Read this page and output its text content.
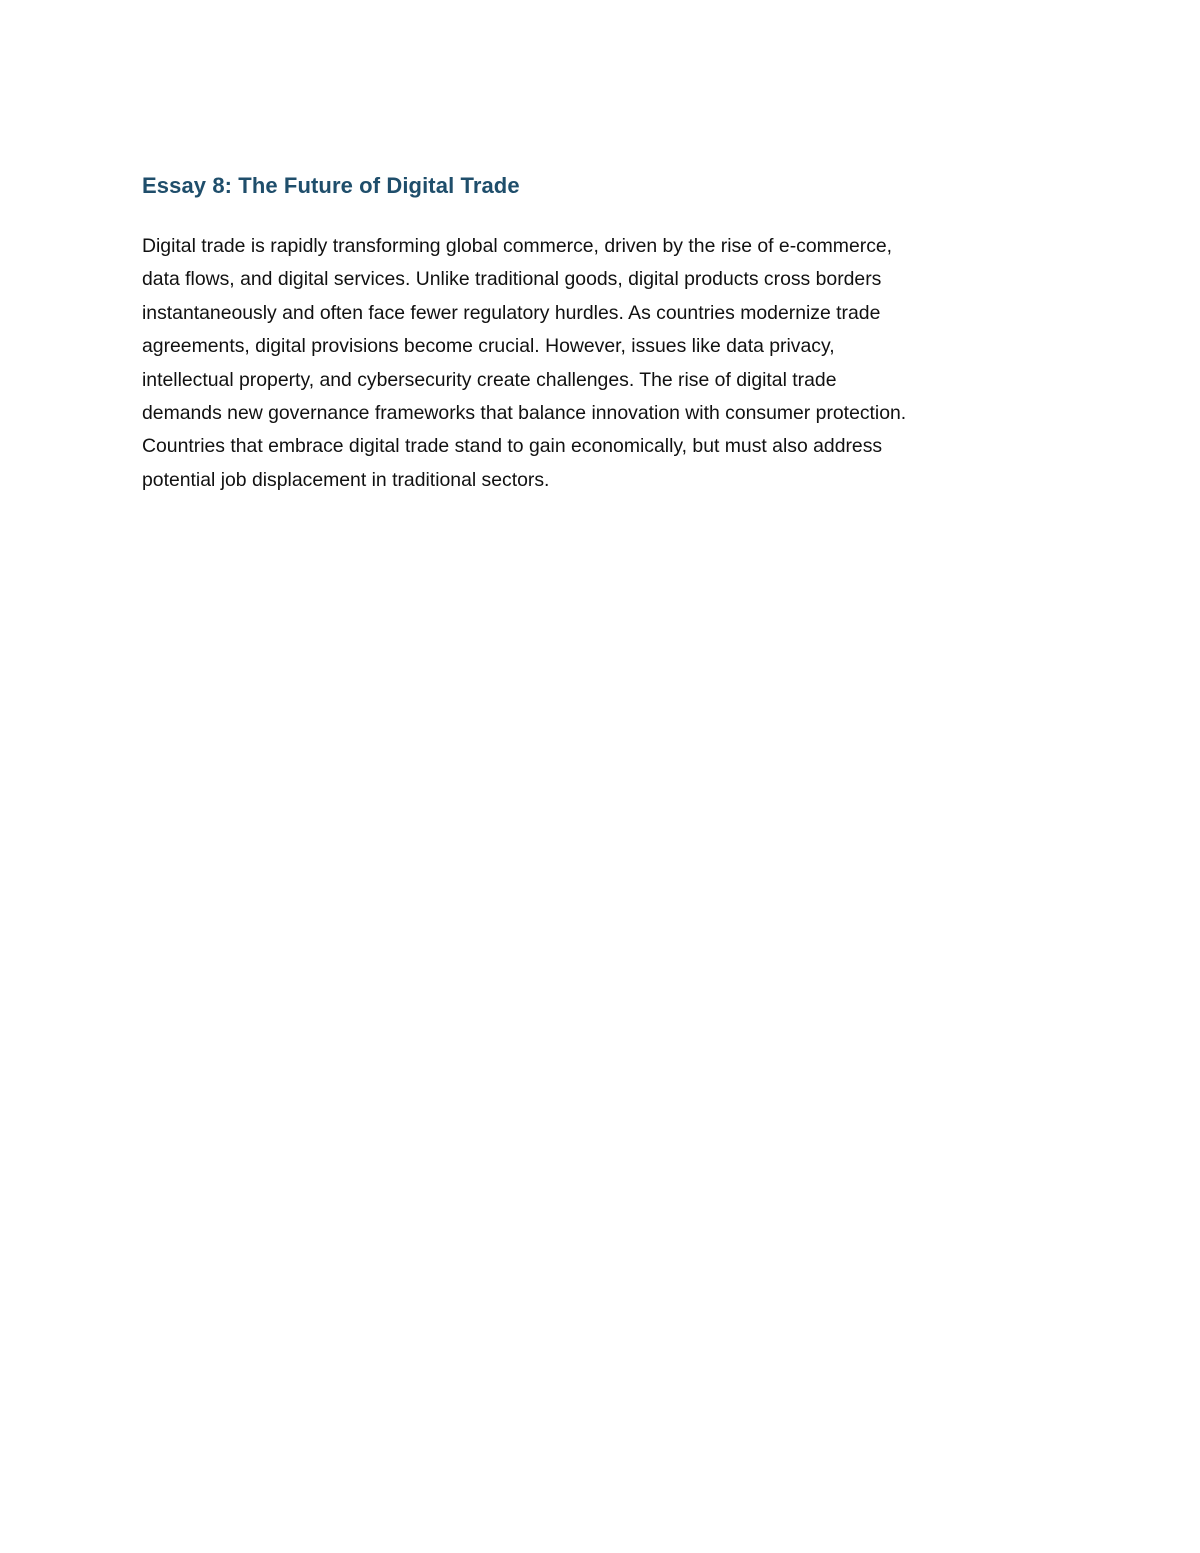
Essay 8: The Future of Digital Trade

Digital trade is rapidly transforming global commerce, driven by the rise of e-commerce,
data flows, and digital services. Unlike traditional goods, digital products cross borders
instantaneously and often face fewer regulatory hurdles. As countries modernize trade
agreements, digital provisions become crucial. However, issues like data privacy,
intellectual property, and cybersecurity create challenges. The rise of digital trade
demands new governance frameworks that balance innovation with consumer protection.
Countries that embrace digital trade stand to gain economically, but must also address
potential job displacement in traditional sectors.
